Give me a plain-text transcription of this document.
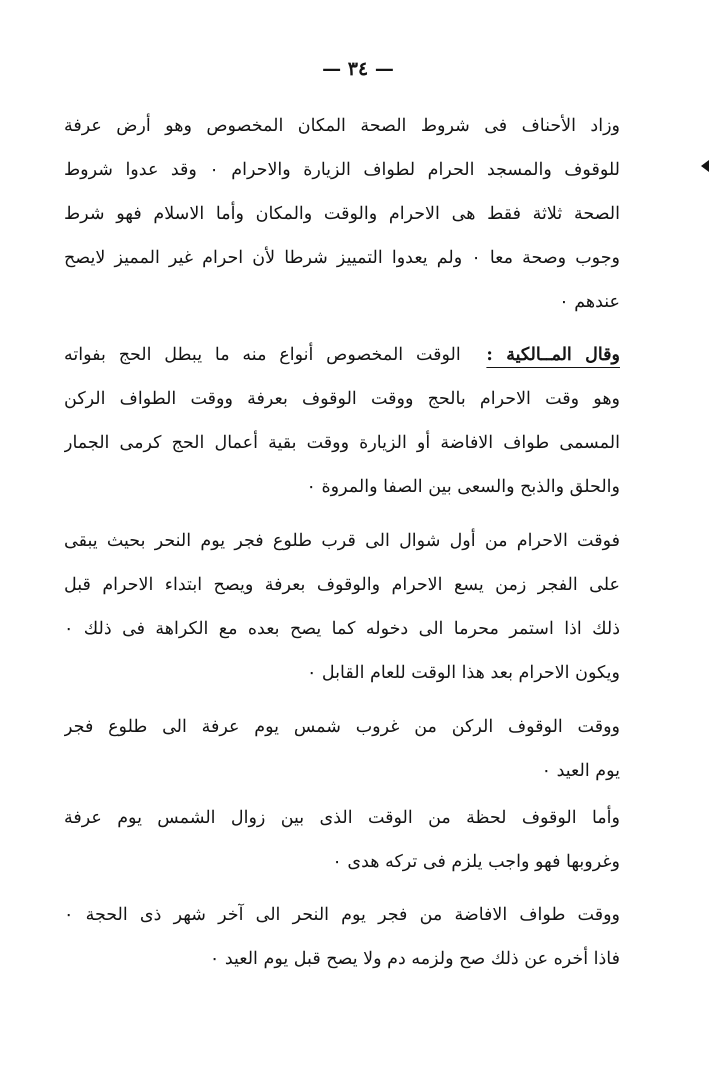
— ٣٤ —
وزاد الأحناف فى شروط الصحة المكان المخصوص وهو أرض عرفة
للوقوف والمسجد الحرام لطواف الزيارة والاحرام ٠ وقد عدوا شروط
الصحة ثلاثة فقط هى الاحرام والوقت والمكان وأما الاسلام فهو شرط
وجوب وصحة معا ٠ ولم يعدوا التمييز شرطا لأن احرام غير المميز لايصح
عندهم ٠
وقال المــالكية :  الوقت المخصوص أنواع منه ما يبطل الحج بفواته
وهو وقت الاحرام بالحج ووقت الوقوف بعرفة ووقت الطواف الركن
المسمى طواف الافاضة أو الزيارة ووقت بقية أعمال الحج كرمى الجمار
والحلق والذبح والسعى بين الصفا والمروة ٠
فوقت الاحرام من أول شوال الى قرب طلوع فجر يوم النحر بحيث يبقى
على الفجر زمن يسع الاحرام والوقوف بعرفة ويصح ابتداء الاحرام قبل
ذلك اذا استمر محرما الى دخوله كما يصح بعده مع الكراهة فى ذلك ٠
ويكون الاحرام بعد هذا الوقت للعام القابل ٠
ووقت الوقوف الركن من غروب شمس يوم عرفة الى طلوع فجر
يوم العيد ٠
وأما الوقوف لحظة من الوقت الذى بين زوال الشمس يوم عرفة
وغروبها فهو واجب يلزم فى تركه هدى ٠
ووقت طواف الافاضة من فجر يوم النحر الى آخر شهر ذى الحجة ٠
فاذا أخره عن ذلك صح ولزمه دم ولا يصح قبل يوم العيد ٠
